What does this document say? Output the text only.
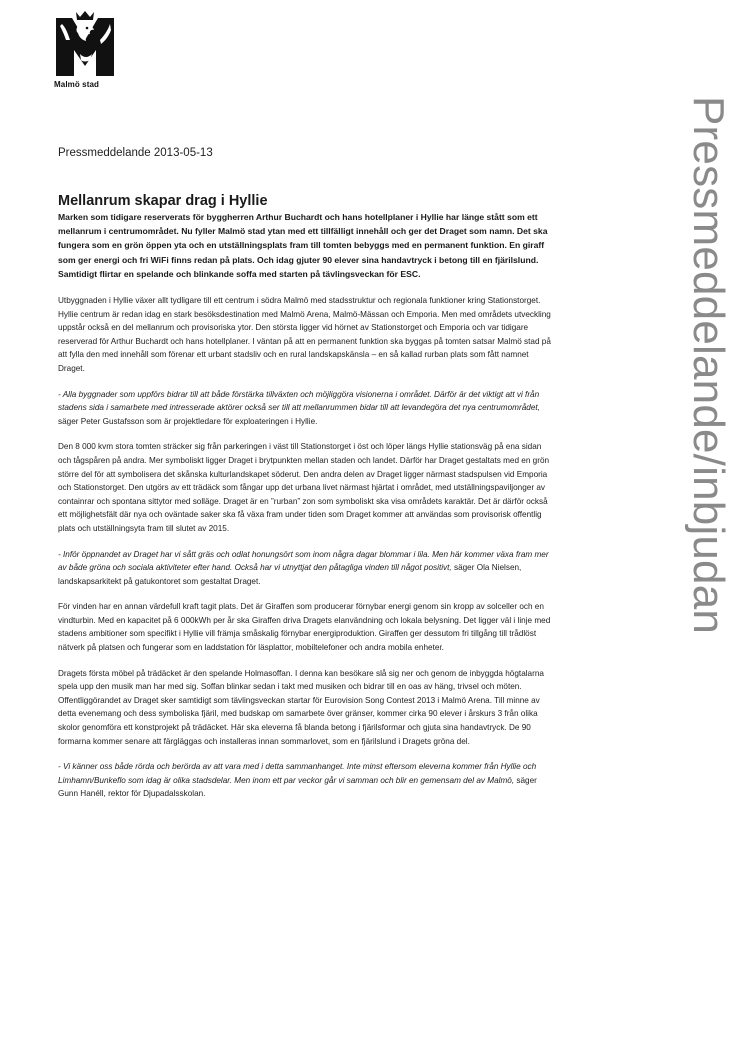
Malmö stad
Pressmeddelande/inbjudan
Pressmeddelande 2013-05-13
Mellanrum skapar drag i Hyllie

Marken som tidigare reserverats för byggherren Arthur Buchardt och hans hotellplaner i Hyllie har länge stått som ett mellanrum i centrumområdet. Nu fyller Malmö stad ytan med ett tillfälligt innehåll och ger det Draget som namn. Det ska fungera som en grön öppen yta och en utställningsplats fram till tomten bebyggs med en permanent funktion. En giraff som ger energi och fri WiFi finns redan på plats. Och idag gjuter 90 elever sina handavtryck i betong till en fjärilslund. Samtidigt flirtar en spelande och blinkande soffa med starten på tävlingsveckan för ESC.

Utbyggnaden i Hyllie växer allt tydligare till ett centrum i södra Malmö med stadsstruktur och regionala funktioner kring Stationstorget. Hyllie centrum är redan idag en stark besöksdestination med Malmö Arena, Malmö-Mässan och Emporia. Men med områdets utveckling uppstår också en del mellanrum och provisoriska ytor. Den största ligger vid hörnet av Stationstorget och Emporia och var tidigare reserverad för Arthur Buchardt och hans hotellplaner. I väntan på att en permanent funktion ska byggas på tomten satsar Malmö stad på att fylla den med innehåll som förenar ett urbant stadsliv och en rural landskapskänsla – en så kallad rurban plats som fått namnet Draget.

- Alla byggnader som uppförs bidrar till att både förstärka tillväxten och möjliggöra visionerna i området. Därför är det viktigt att vi från stadens sida i samarbete med intresserade aktörer också ser till att mellanrummen bidar till att levandegöra det nya centrumområdet, säger Peter Gustafsson som är projektledare för exploateringen i Hyllie.

Den 8 000 kvm stora tomten sträcker sig från parkeringen i väst till Stationstorget i öst och löper längs Hyllie stationsväg på ena sidan och tågspåren på andra. Mer symboliskt ligger Draget i brytpunkten mellan staden och landet. Därför har Draget gestaltats med en grön större del för att symbolisera det skånska kulturlandskapet söderut. Den andra delen av Draget ligger närmast stadspulsen vid Emporia och Stationstorget. Den utgörs av ett trädäck som fångar upp det urbana livet närmast hjärtat i området, med utställningspaviljonger av containrar och spontana sittytor med solläge. Draget är en ”rurban” zon som symboliskt ska visa områdets karaktär. Det är därför också ett möjlighetsfält där nya och oväntade saker ska få växa fram under tiden som Draget kommer att användas som provisorisk offentlig plats och utställningsyta fram till slutet av 2015.

- Inför öppnandet av Draget har vi sått gräs och odlat honungsört som inom några dagar blommar i lila. Men här kommer växa fram mer av både gröna och sociala aktiviteter efter hand. Också har vi utnyttjat den påtagliga vinden till något positivt, säger Ola Nielsen, landskapsarkitekt på gatukontoret som gestaltat Draget.

För vinden har en annan värdefull kraft tagit plats. Det är Giraffen som producerar förnybar energi genom sin kropp av solceller och en vindturbin. Med en kapacitet på 6 000kWh per år ska Giraffen driva Dragets elanvändning och lokala belysning. Det ligger väl i linje med stadens ambitioner som specifikt i Hyllie vill främja småskalig förnybar energiproduktion. Giraffen ger dessutom fri tillgång till trådlöst nätverk på platsen och fungerar som en laddstation för läsplattor, mobiltelefoner och andra mobila enheter.

Dragets första möbel på trädäcket är den spelande Holmasoffan. I denna kan besökare slå sig ner och genom de inbyggda högtalarna spela upp den musik man har med sig. Soffan blinkar sedan i takt med musiken och bidrar till en oas av häng, trivsel och möten. Offentliggörandet av Draget sker samtidigt som tävlingsveckan startar för Eurovision Song Contest 2013 i Malmö Arena. Till minne av detta evenemang och dess symboliska fjäril, med budskap om samarbete över gränser, kommer cirka 90 elever i årskurs 3 från olika skolor genomföra ett konstprojekt på trädäcket. Här ska eleverna få blanda betong i fjärilsformar och gjuta sina handavtryck. De 90 formarna kommer senare att färgläggas och installeras innan sommarlovet, som en fjärilslund i Dragets gröna del.

- Vi känner oss både rörda och berörda av att vara med i detta sammanhanget. Inte minst eftersom eleverna kommer från Hyllie och Limhamn/Bunkeflo som idag är olika stadsdelar. Men inom ett par veckor går vi samman och blir en gemensam del av Malmö, säger Gunn Hanéll, rektor för Djupadalsskolan.
